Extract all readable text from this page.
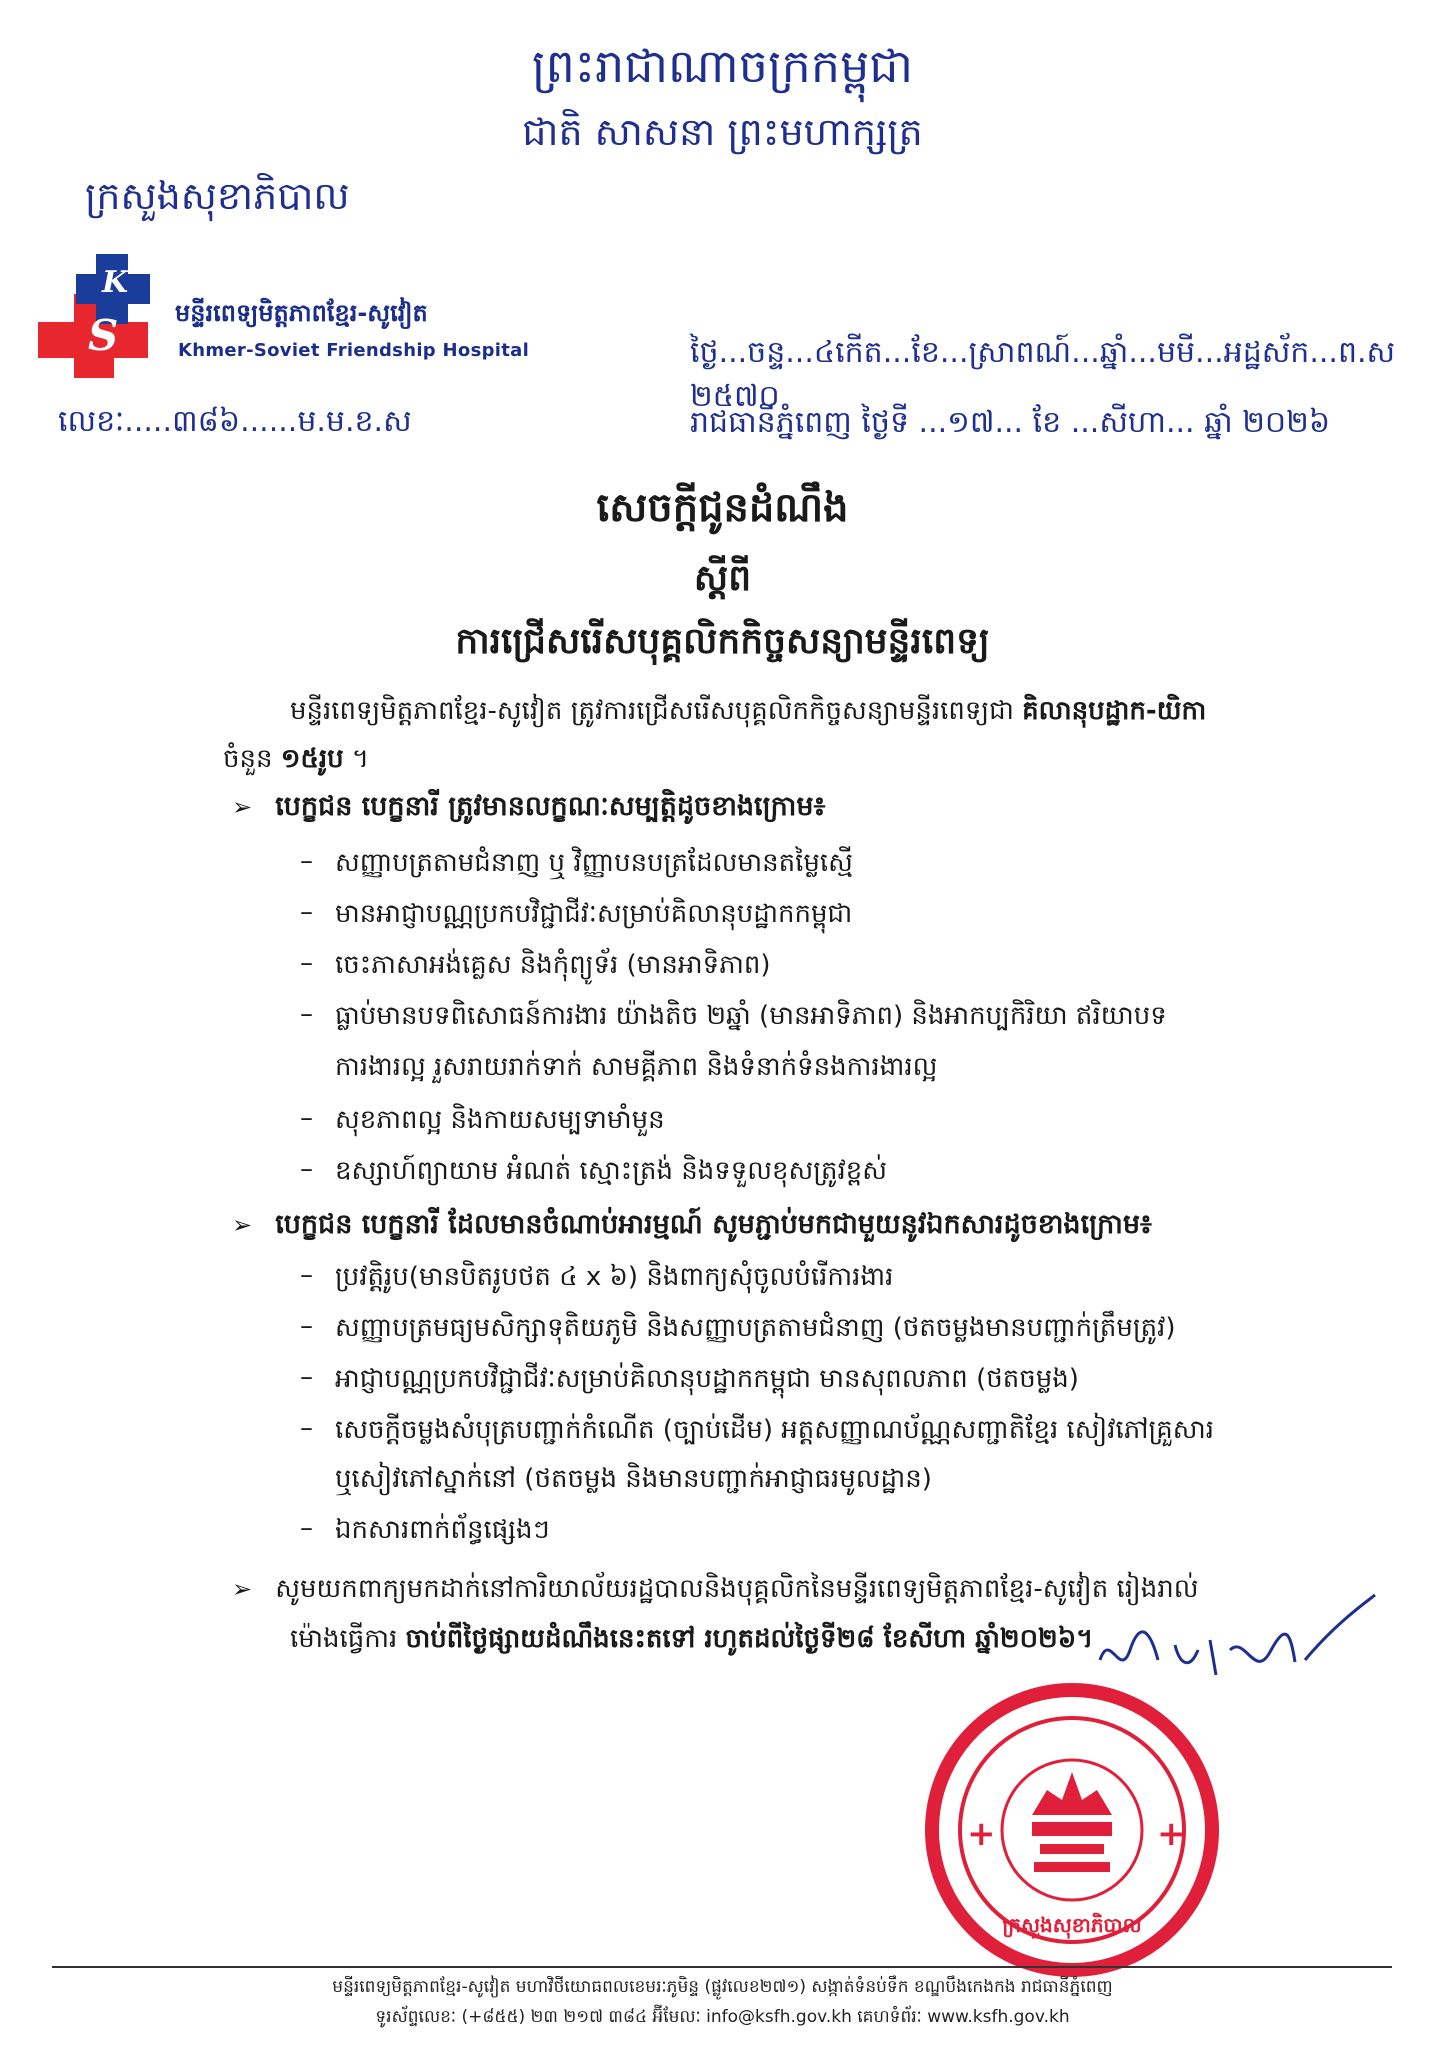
ព្រះរាជាណាចក្រកម្ពុជា
ជាតិ សាសនា ព្រះមហាក្សត្រ
ក្រសួងសុខាភិបាល
K
S មន្ទីរពេទ្យមិត្តភាពខ្មែរ-សូវៀត
Khmer-Soviet Friendship Hospital
លេខៈ.....៣៨៦......ម.ម.ខ.ស
ថ្ងៃ...ចន្ទ...៤កើត...ខែ...ស្រាពណ៍...ឆ្នាំ...មមី...អដ្ឋស័ក...ព.ស ២៥៧០
រាជធានីភ្នំពេញ ថ្ងៃទី ...១៧... ខែ ...សីហា... ឆ្នាំ ២០២៦
សេចក្តីជូនដំណឹង
ស្តីពី
ការជ្រើសរើសបុគ្គលិកកិច្ចសន្យាមន្ទីរពេទ្យ
មន្ទីរពេទ្យមិត្តភាពខ្មែរ-សូវៀត ត្រូវការជ្រើសរើសបុគ្គលិកកិច្ចសន្យាមន្ទីរពេទ្យជា គិលានុបដ្ឋាក-យិកា
ចំនួន ១៥រូប ។
➢ បេក្ខជន បេក្ខនារី ត្រូវមានលក្ខណៈសម្បត្តិដូចខាងក្រោម៖
– សញ្ញាបត្រតាមជំនាញ ឬ វិញ្ញាបនបត្រដែលមានតម្លៃស្មើ
– មានអាជ្ញាបណ្ណប្រកបវិជ្ជាជីវៈសម្រាប់គិលានុបដ្ឋាកកម្ពុជា
– ចេះភាសាអង់គ្លេស និងកុំព្យូទ័រ (មានអាទិភាព)
– ធ្លាប់មានបទពិសោធន៍ការងារ យ៉ាងតិច ២ឆ្នាំ (មានអាទិភាព) និងអាកប្បកិរិយា ឥរិយាបទ
ការងារល្អ រួសរាយរាក់ទាក់ សាមគ្គីភាព និងទំនាក់ទំនងការងារល្អ
– សុខភាពល្អ និងកាយសម្បទាមាំមួន
– ឧស្សាហ៍ព្យាយាម អំណត់ ស្មោះត្រង់ និងទទួលខុសត្រូវខ្ពស់
➢ បេក្ខជន បេក្ខនារី ដែលមានចំណាប់អារម្មណ៍ សូមភ្ជាប់មកជាមួយនូវឯកសារដូចខាងក្រោម៖
– ប្រវត្តិរូប(មានបិតរូបថត ៤ x ៦) និងពាក្យសុំចូលបំរើការងារ
– សញ្ញាបត្រមធ្យមសិក្សាទុតិយភូមិ និងសញ្ញាបត្រតាមជំនាញ (ថតចម្លងមានបញ្ជាក់ត្រឹមត្រូវ)
– អាជ្ញាបណ្ណប្រកបវិជ្ជាជីវៈសម្រាប់គិលានុបដ្ឋាកកម្ពុជា មានសុពលភាព (ថតចម្លង)
– សេចក្តីចម្លងសំបុត្របញ្ជាក់កំណើត (ច្បាប់ដើម) អត្តសញ្ញាណប័ណ្ណសញ្ជាតិខ្មែរ សៀវភៅគ្រួសារ
ឬសៀវភៅស្នាក់នៅ (ថតចម្លង និងមានបញ្ជាក់អាជ្ញាធរមូលដ្ឋាន)
– ឯកសារពាក់ព័ន្ធផ្សេងៗ
➢ សូមយកពាក្យមកដាក់នៅការិយាល័យរដ្ឋបាលនិងបុគ្គលិកនៃមន្ទីរពេទ្យមិត្តភាពខ្មែរ-សូវៀត រៀងរាល់
ម៉ោងធ្វើការ ចាប់ពីថ្ងៃផ្សាយដំណឹងនេះតទៅ រហូតដល់ថ្ងៃទី២៨ ខែសីហា ឆ្នាំ២០២៦។
+	+
ក្រសួងសុខាភិបាល
មន្ទីរពេទ្យមិត្តភាពខ្មែរ-សូវៀត មហាវិថីយោធពលខេមរៈភូមិន្ទ (ផ្លូវលេខ២៧១) សង្កាត់ទំនប់ទឹក ខណ្ឌបឹងកេងកង រាជធានីភ្នំពេញ
ទូរស័ព្ទលេខៈ (+៨៥៥) ២៣ ២១៧ ៣៨៤ អ៊ីមែលៈ info@ksfh.gov.kh គេហទំព័រៈ www.ksfh.gov.kh
